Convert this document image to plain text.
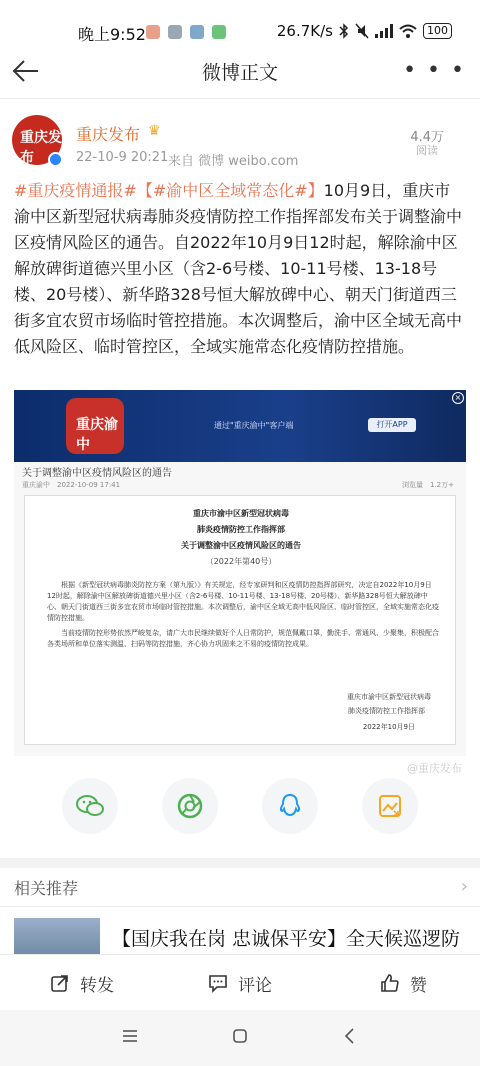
晚上9:52	26.7K/s	100
微博正文	• • •
重庆发布
重庆发布 ♛
22-10-9 20:21 来自 微博 weibo.com
4.4万
阅读
#重庆疫情通报#【#渝中区全域常态化#】10月9日，重庆市渝中区新型冠状病毒肺炎疫情防控工作指挥部发布关于调整渝中区疫情风险区的通告。自2022年10月9日12时起，解除渝中区解放碑街道德兴里小区（含2-6号楼、10-11号楼、13-18号楼、20号楼）、新华路328号恒大解放碑中心、朝天门街道西三街多宜农贸市场临时管控措施。本次调整后，渝中区全域无高中低风险区、临时管控区，全域实施常态化疫情防控措施。
重庆渝中
通过"重庆渝中"客户端	打开APP
×
关于调整渝中区疫情风险区的通告
重庆渝中　2022-10-09 17:41	浏览量　1.2万+
重庆市渝中区新型冠状病毒
肺炎疫情防控工作指挥部
关于调整渝中区疫情风险区的通告
（2022年第40号）

根据《新型冠状病毒肺炎防控方案（第九版）》有关规定，经专家研判和区疫情防控指挥部研究，决定自2022年10月9日12时起，解除渝中区解放碑街道德兴里小区（含2-6号楼、10-11号楼、13-18号楼、20号楼）、新华路328号恒大解放碑中心、朝天门街道西三街多宜农贸市场临时管控措施。本次调整后，渝中区全域无高中低风险区、临时管控区，全域实施常态化疫情防控措施。

当前疫情防控形势依然严峻复杂，请广大市民继续做好个人日常防护，规范佩戴口罩，勤洗手、常通风、少聚集，积极配合各类场所和单位落实测温、扫码等防控措施，齐心协力巩固来之不易的疫情防控成果。

重庆市渝中区新型冠状病毒
肺炎疫情防控工作指挥部
2022年10月9日
@重庆发布
相关推荐	›
【国庆我在岗 忠诚保平安】全天候巡逻防
转发	评论	赞
